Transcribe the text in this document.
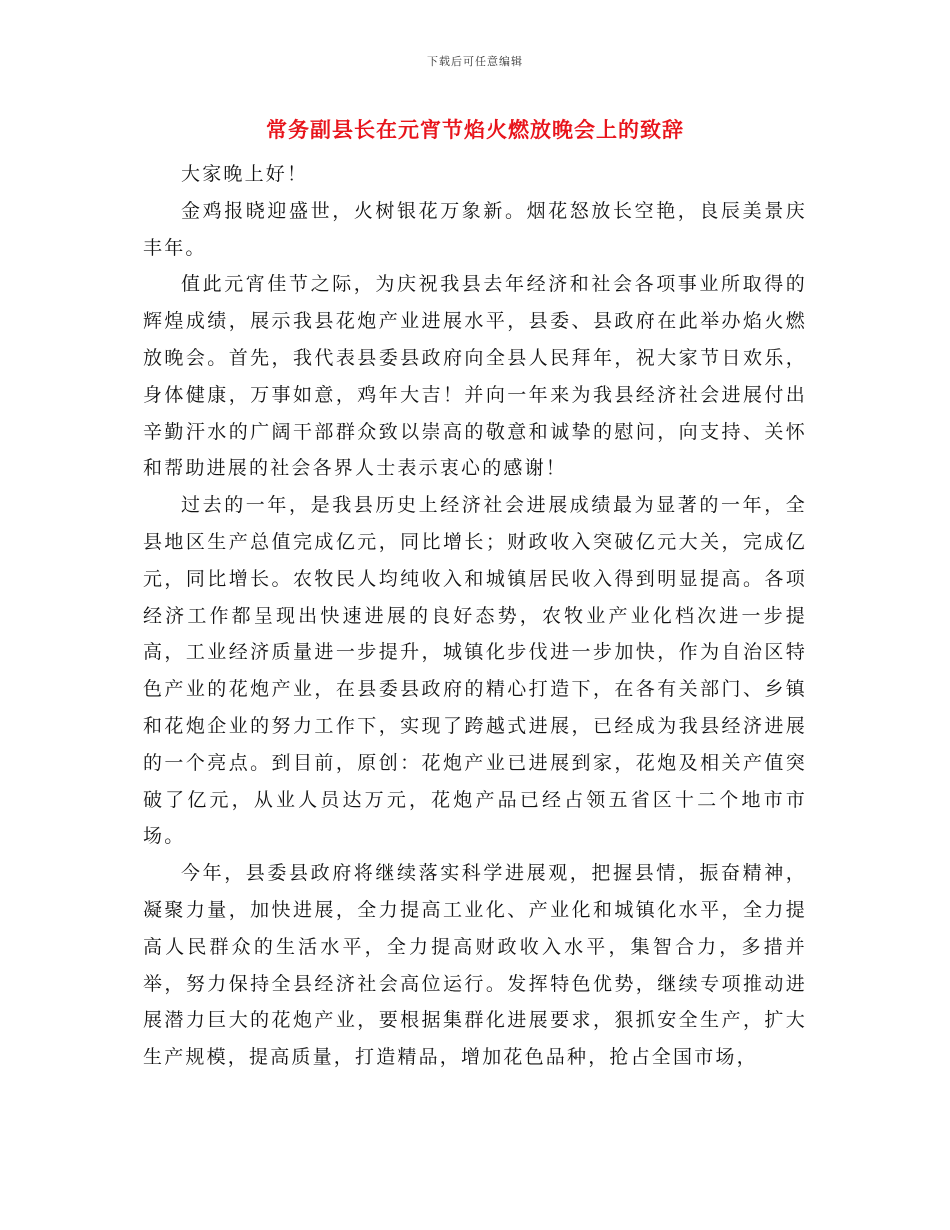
下载后可任意编辑
常务副县长在元宵节焰火燃放晚会上的致辞

大家晚上好！

金鸡报晓迎盛世，火树银花万象新。烟花怒放长空艳，良辰美景庆丰年。

值此元宵佳节之际，为庆祝我县去年经济和社会各项事业所取得的辉煌成绩，展示我县花炮产业进展水平，县委、县政府在此举办焰火燃放晚会。首先，我代表县委县政府向全县人民拜年，祝大家节日欢乐，身体健康，万事如意，鸡年大吉！并向一年来为我县经济社会进展付出辛勤汗水的广阔干部群众致以崇高的敬意和诚挚的慰问，向支持、关怀和帮助进展的社会各界人士表示衷心的感谢！

过去的一年，是我县历史上经济社会进展成绩最为显著的一年，全县地区生产总值完成亿元，同比增长；财政收入突破亿元大关，完成亿元，同比增长。农牧民人均纯收入和城镇居民收入得到明显提高。各项经济工作都呈现出快速进展的良好态势，农牧业产业化档次进一步提高，工业经济质量进一步提升，城镇化步伐进一步加快，作为自治区特色产业的花炮产业，在县委县政府的精心打造下，在各有关部门、乡镇和花炮企业的努力工作下，实现了跨越式进展，已经成为我县经济进展的一个亮点。到目前，原创：花炮产业已进展到家，花炮及相关产值突破了亿元，从业人员达万元，花炮产品已经占领五省区十二个地市市场。

今年，县委县政府将继续落实科学进展观，把握县情，振奋精神，凝聚力量，加快进展，全力提高工业化、产业化和城镇化水平，全力提高人民群众的生活水平，全力提高财政收入水平，集智合力，多措并举，努力保持全县经济社会高位运行。发挥特色优势，继续专项推动进展潜力巨大的花炮产业，要根据集群化进展要求，狠抓安全生产，扩大生产规模，提高质量，打造精品，增加花色品种，抢占全国市场，
